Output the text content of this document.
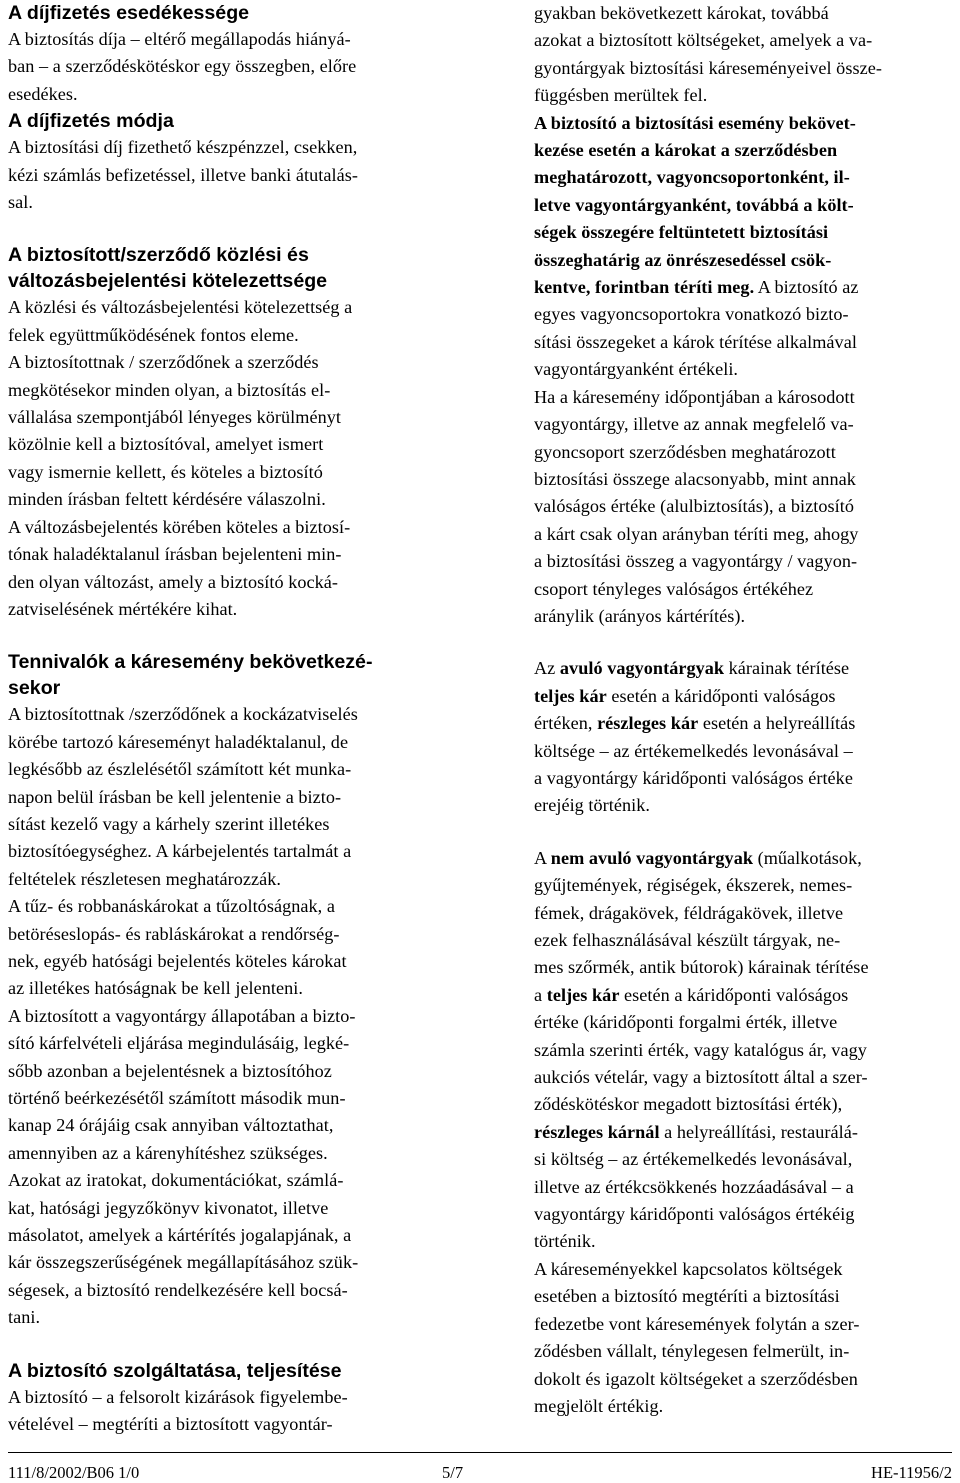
A díjfizetés esedékessége
A biztosítás díja – eltérő megállapodás hiányá-
ban – a szerződéskötéskor egy összegben, előre
esedékes.
A díjfizetés módja
A biztosítási díj fizethető készpénzzel, csekken,
kézi számlás befizetéssel, illetve banki átutalás-
sal.
A biztosított/szerződő közlési és
változásbejelentési kötelezettsége
A közlési és változásbejelentési kötelezettség a
felek együttműködésének fontos eleme.
A biztosítottnak / szerződőnek a szerződés
megkötésekor minden olyan, a biztosítás el-
vállalása szempontjából lényeges körülményt
közölnie kell a biztosítóval, amelyet ismert
vagy ismernie kellett, és köteles a biztosító
minden írásban feltett kérdésére válaszolni.
A változásbejelentés körében köteles a biztosí-
tónak haladéktalanul írásban bejelenteni min-
den olyan változást, amely a biztosító kocká-
zatviselésének mértékére kihat.
Tennivalók a káresemény bekövetkezé-
sekor
A biztosítottnak /szerződőnek a kockázatviselés
körébe tartozó káreseményt haladéktalanul, de
legkésőbb az észlelésétől számított két munka-
napon belül írásban be kell jelentenie a bizto-
sítást kezelő vagy a kárhely szerint illetékes
biztosítóegységhez. A kárbejelentés tartalmát a
feltételek részletesen meghatározzák.
A tűz- és robbanáskárokat a tűzoltóságnak, a
betöréseslopás- és rabláskárokat a rendőrség-
nek, egyéb hatósági bejelentés köteles károkat
az illetékes hatóságnak be kell jelenteni.
A biztosított a vagyontárgy állapotában a bizto-
sító kárfelvételi eljárása megindulásáig, legké-
sőbb azonban a bejelentésnek a biztosítóhoz
történő beérkezésétől számított második mun-
kanap 24 órájáig csak annyiban változtathat,
amennyiben az a kárenyhítéshez szükséges.
Azokat az iratokat, dokumentációkat, számlá-
kat, hatósági jegyzőkönyv kivonatot, illetve
másolatot, amelyek a kártérítés jogalapjának, a
kár összegszerűségének megállapításához szük-
ségesek, a biztosító rendelkezésére kell bocsá-
tani.
A biztosító szolgáltatása, teljesítése
A biztosító – a felsorolt kizárások figyelembe-
vételével – megtéríti a biztosított vagyontár-
gyakban bekövetkezett károkat, továbbá
azokat a biztosított költségeket, amelyek a va-
gyontárgyak biztosítási káreseményeivel össze-
függésben merültek fel.
A biztosító a biztosítási esemény bekövet-
kezése esetén a károkat a szerződésben
meghatározott, vagyoncsoportonként, il-
letve vagyontárgyanként, továbbá a költ-
ségek összegére feltüntetett biztosítási
összeghatárig az önrészesedéssel csök-
kentve, forintban téríti meg. A biztosító az
egyes vagyoncsoportokra vonatkozó bizto-
sítási összegeket a károk térítése alkalmával
vagyontárgyanként értékeli.
Ha a káresemény időpontjában a károsodott
vagyontárgy, illetve az annak megfelelő va-
gyoncsoport szerződésben meghatározott
biztosítási összege alacsonyabb, mint annak
valóságos értéke (alulbiztosítás), a biztosító
a kárt csak olyan arányban téríti meg, ahogy
a biztosítási összeg a vagyontárgy / vagyon-
csoport tényleges valóságos értékéhez
aránylik (arányos kártérítés).
Az avuló vagyontárgyak kárainak térítése
teljes kár esetén a káridőponti valóságos
értéken, részleges kár esetén a helyreállítás
költsége – az értékemelkedés levonásával –
a vagyontárgy káridőponti valóságos értéke
erejéig történik.
A nem avuló vagyontárgyak (műalkotások,
gyűjtemények, régiségek, ékszerek, nemes-
fémek, drágakövek, féldrágakövek, illetve
ezek felhasználásával készült tárgyak, ne-
mes szőrmék, antik bútorok) kárainak térítése
a teljes kár esetén a káridőponti valóságos
értéke (káridőponti forgalmi érték, illetve
számla szerinti érték, vagy katalógus ár, vagy
aukciós vételár, vagy a biztosított által a szer-
ződéskötéskor megadott biztosítási érték),
részleges kárnál a helyreállítási, restaurálá-
si költség – az értékemelkedés levonásával,
illetve az értékcsökkenés hozzáadásával – a
vagyontárgy káridőponti valóságos értékéig
történik.
A káreseményekkel kapcsolatos költségek
esetében a biztosító megtéríti a biztosítási
fedezetbe vont káresemények folytán a szer-
ződésben vállalt, ténylegesen felmerült, in-
dokolt és igazolt költségeket a szerződésben
megjelölt értékig.
111/8/2002/B06 1/0	5/7	HE-11956/2
